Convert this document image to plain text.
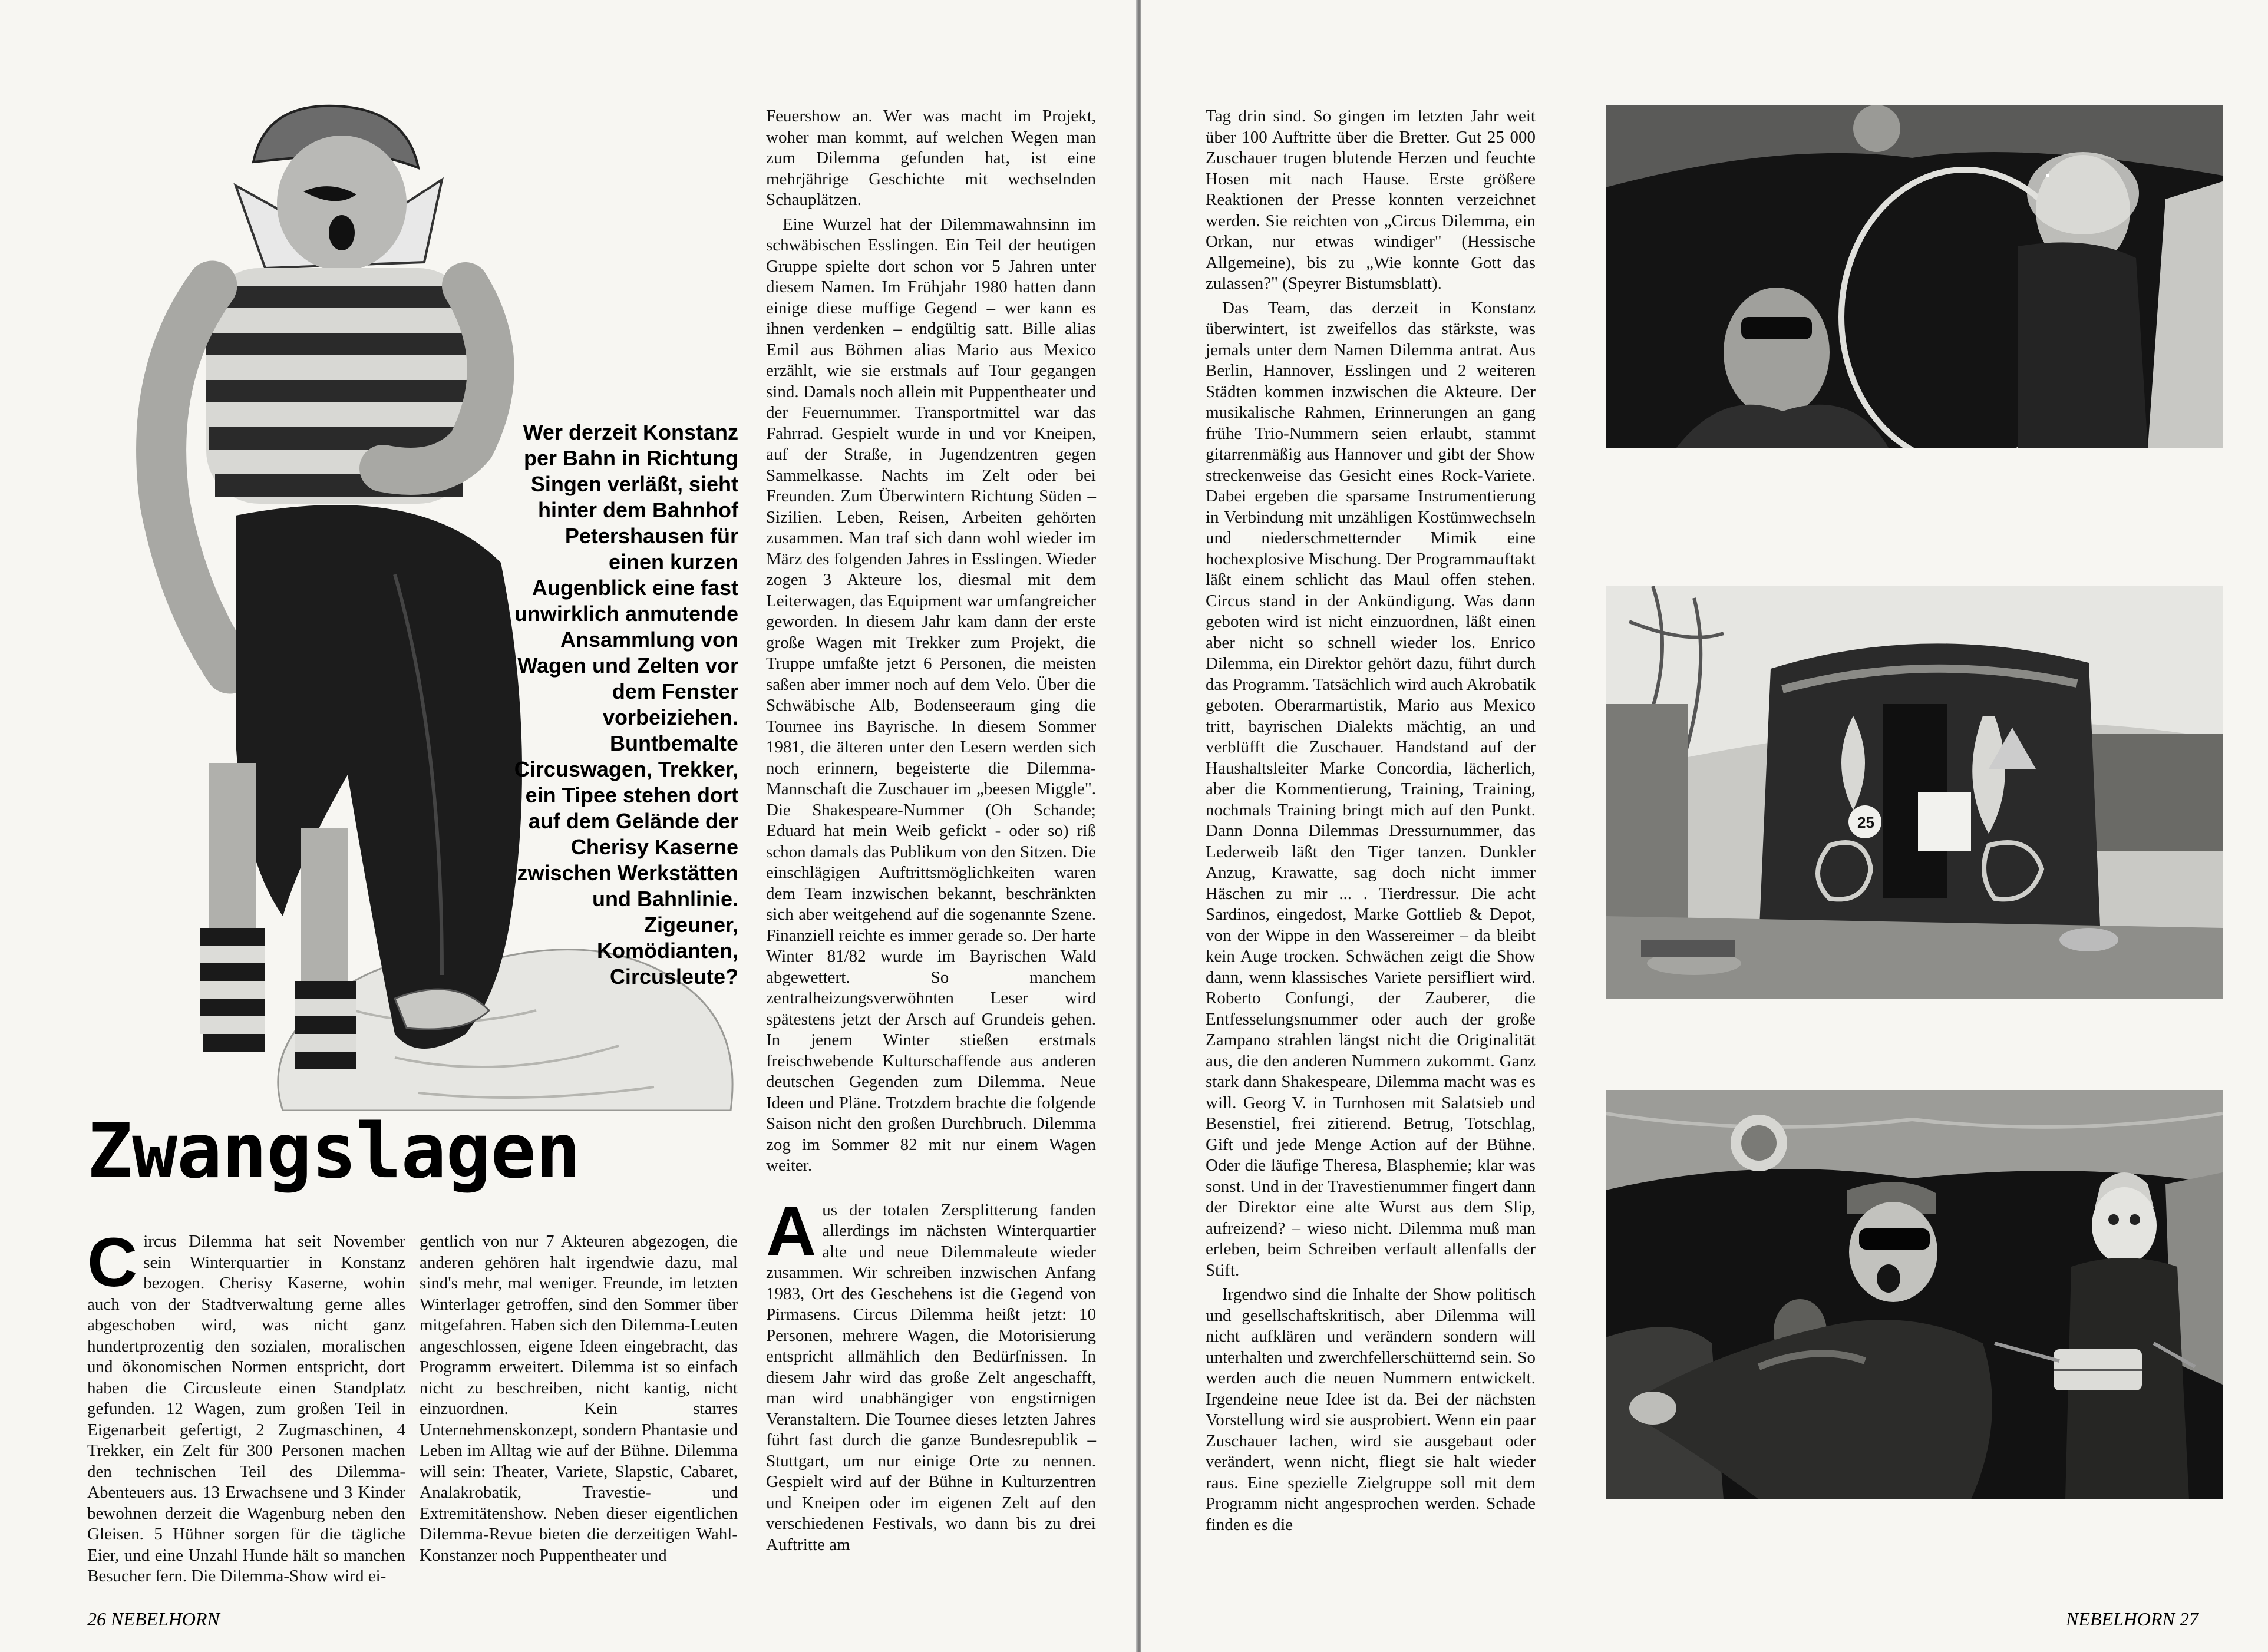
Wer derzeit Konstanz per Bahn in Richtung Singen verläßt, sieht hinter dem Bahnhof Petershausen für einen kurzen Augenblick eine fast unwirklich anmutende Ansammlung von Wagen und Zelten vor dem Fenster vorbeiziehen. Buntbemalte Circuswagen, Trekker, ein Tipee stehen dort auf dem Gelände der Cherisy Kaserne zwischen Werkstätten und Bahnlinie. Zigeuner, Komödianten, Circusleute?
Zwangslagen

Circus Dilemma hat seit November sein Winterquartier in Konstanz bezogen. Cherisy Kaserne, wohin auch von der Stadtverwaltung gerne alles abgeschoben wird, was nicht ganz hundertprozentig den sozialen, moralischen und ökonomischen Normen entspricht, dort haben die Circusleute einen Standplatz gefunden. 12 Wagen, zum großen Teil in Eigenarbeit gefertigt, 2 Zugmaschinen, 4 Trekker, ein Zelt für 300 Personen machen den technischen Teil des Dilemma-Abenteuers aus. 13 Erwachsene und 3 Kinder bewohnen derzeit die Wagenburg neben den Gleisen. 5 Hühner sorgen für die tägliche Eier, und eine Unzahl Hunde hält so manchen Besucher fern. Die Dilemma-Show wird ei-

gentlich von nur 7 Akteuren abgezogen, die anderen gehören halt irgendwie dazu, mal sind's mehr, mal weniger. Freunde, im letzten Winterlager getroffen, sind den Sommer über mitgefahren. Haben sich den Dilemma-Leuten angeschlossen, eigene Ideen eingebracht, das Programm erweitert. Dilemma ist so einfach nicht zu beschreiben, nicht kantig, nicht einzuordnen. Kein starres Unternehmenskonzept, sondern Phantasie und Leben im Alltag wie auf der Bühne. Dilemma will sein: Theater, Variete, Slapstic, Cabaret, Analakrobatik, Travestie- und Extremitätenshow. Neben dieser eigentlichen Dilemma-Revue bieten die derzeitigen Wahl-Konstanzer noch Puppentheater und

Feuershow an. Wer was macht im Projekt, woher man kommt, auf welchen Wegen man zum Dilemma gefunden hat, ist eine mehrjährige Geschichte mit wechselnden Schauplätzen.

Eine Wurzel hat der Dilemmawahnsinn im schwäbischen Esslingen. Ein Teil der heutigen Gruppe spielte dort schon vor 5 Jahren unter diesem Namen. Im Frühjahr 1980 hatten dann einige diese muffige Gegend – wer kann es ihnen verdenken – endgültig satt. Bille alias Emil aus Böhmen alias Mario aus Mexico erzählt, wie sie erstmals auf Tour gegangen sind. Damals noch allein mit Puppentheater und der Feuernummer. Transportmittel war das Fahrrad. Gespielt wurde in und vor Kneipen, auf der Straße, in Jugendzentren gegen Sammelkasse. Nachts im Zelt oder bei Freunden. Zum Überwintern Richtung Süden – Sizilien. Leben, Reisen, Arbeiten gehörten zusammen. Man traf sich dann wohl wieder im März des folgenden Jahres in Esslingen. Wieder zogen 3 Akteure los, diesmal mit dem Leiterwagen, das Equipment war umfangreicher geworden. In diesem Jahr kam dann der erste große Wagen mit Trekker zum Projekt, die Truppe umfaßte jetzt 6 Personen, die meisten saßen aber immer noch auf dem Velo. Über die Schwäbische Alb, Bodenseeraum ging die Tournee ins Bayrische. In diesem Sommer 1981, die älteren unter den Lesern werden sich noch erinnern, begeisterte die Dilemma-Mannschaft die Zuschauer im „beesen Miggle". Die Shakespeare-Nummer (Oh Schande; Eduard hat mein Weib gefickt - oder so) riß schon damals das Publikum von den Sitzen. Die einschlägigen Auftrittsmöglichkeiten waren dem Team inzwischen bekannt, beschränkten sich aber weitgehend auf die sogenannte Szene. Finanziell reichte es immer gerade so. Der harte Winter 81/82 wurde im Bayrischen Wald abgewettert. So manchem zentralheizungsverwöhnten Leser wird spätestens jetzt der Arsch auf Grundeis gehen. In jenem Winter stießen erstmals freischwebende Kulturschaffende aus anderen deutschen Gegenden zum Dilemma. Neue Ideen und Pläne. Trotzdem brachte die folgende Saison nicht den großen Durchbruch. Dilemma zog im Sommer 82 mit nur einem Wagen weiter.

Aus der totalen Zersplitterung fanden allerdings im nächsten Winterquartier alte und neue Dilemmaleute wieder zusammen. Wir schreiben inzwischen Anfang 1983, Ort des Geschehens ist die Gegend von Pirmasens. Circus Dilemma heißt jetzt: 10 Personen, mehrere Wagen, die Motorisierung entspricht allmählich den Bedürfnissen. In diesem Jahr wird das große Zelt angeschafft, man wird unabhängiger von engstirnigen Veranstaltern. Die Tournee dieses letzten Jahres führt fast durch die ganze Bundesrepublik – Stuttgart, um nur einige Orte zu nennen. Gespielt wird auf der Bühne in Kulturzentren und Kneipen oder im eigenen Zelt auf den verschiedenen Festivals, wo dann bis zu drei Auftritte am

26 NEBELHORN

Tag drin sind. So gingen im letzten Jahr weit über 100 Auftritte über die Bretter. Gut 25 000 Zuschauer trugen blutende Herzen und feuchte Hosen mit nach Hause. Erste größere Reaktionen der Presse konnten verzeichnet werden. Sie reichten von „Circus Dilemma, ein Orkan, nur etwas windiger" (Hessische Allgemeine), bis zu „Wie konnte Gott das zulassen?" (Speyrer Bistumsblatt).

Das Team, das derzeit in Konstanz überwintert, ist zweifellos das stärkste, was jemals unter dem Namen Dilemma antrat. Aus Berlin, Hannover, Esslingen und 2 weiteren Städten kommen inzwischen die Akteure. Der musikalische Rahmen, Erinnerungen an gang frühe Trio-Nummern seien erlaubt, stammt gitarrenmäßig aus Hannover und gibt der Show streckenweise das Gesicht eines Rock-Variete. Dabei ergeben die sparsame Instrumentierung in Verbindung mit unzähligen Kostümwechseln und niederschmetternder Mimik eine hochexplosive Mischung. Der Programmauftakt läßt einem schlicht das Maul offen stehen. Circus stand in der Ankündigung. Was dann geboten wird ist nicht einzuordnen, läßt einen aber nicht so schnell wieder los. Enrico Dilemma, ein Direktor gehört dazu, führt durch das Programm. Tatsächlich wird auch Akrobatik geboten. Oberarmartistik, Mario aus Mexico tritt, bayrischen Dialekts mächtig, an und verblüfft die Zuschauer. Handstand auf der Haushaltsleiter Marke Concordia, lächerlich, aber die Kommentierung, Training, Training, nochmals Training bringt mich auf den Punkt. Dann Donna Dilemmas Dressurnummer, das Lederweib läßt den Tiger tanzen. Dunkler Anzug, Krawatte, sag doch nicht immer Häschen zu mir ... . Tierdressur. Die acht Sardinos, eingedost, Marke Gottlieb & Depot, von der Wippe in den Wassereimer – da bleibt kein Auge trocken. Schwächen zeigt die Show dann, wenn klassisches Variete persifliert wird. Roberto Confungi, der Zauberer, die Entfesselungsnummer oder auch der große Zampano strahlen längst nicht die Originalität aus, die den anderen Nummern zukommt. Ganz stark dann Shakespeare, Dilemma macht was es will. Georg V. in Turnhosen mit Salatsieb und Besenstiel, frei zitierend. Betrug, Totschlag, Gift und jede Menge Action auf der Bühne. Oder die läufige Theresa, Blasphemie; klar was sonst. Und in der Travestienummer fingert dann der Direktor eine alte Wurst aus dem Slip, aufreizend? – wieso nicht. Dilemma muß man erleben, beim Schreiben verfault allenfalls der Stift.

Irgendwo sind die Inhalte der Show politisch und gesellschaftskritisch, aber Dilemma will nicht aufklären und verändern sondern will unterhalten und zwerchfellerschütternd sein. So werden auch die neuen Nummern entwickelt. Irgendeine neue Idee ist da. Bei der nächsten Vorstellung wird sie ausprobiert. Wenn ein paar Zuschauer lachen, wird sie ausgebaut oder verändert, wenn nicht, fliegt sie halt wieder raus. Eine spezielle Zielgruppe soll mit dem Programm nicht angesprochen werden. Schade finden es die

25
NEBELHORN 27
